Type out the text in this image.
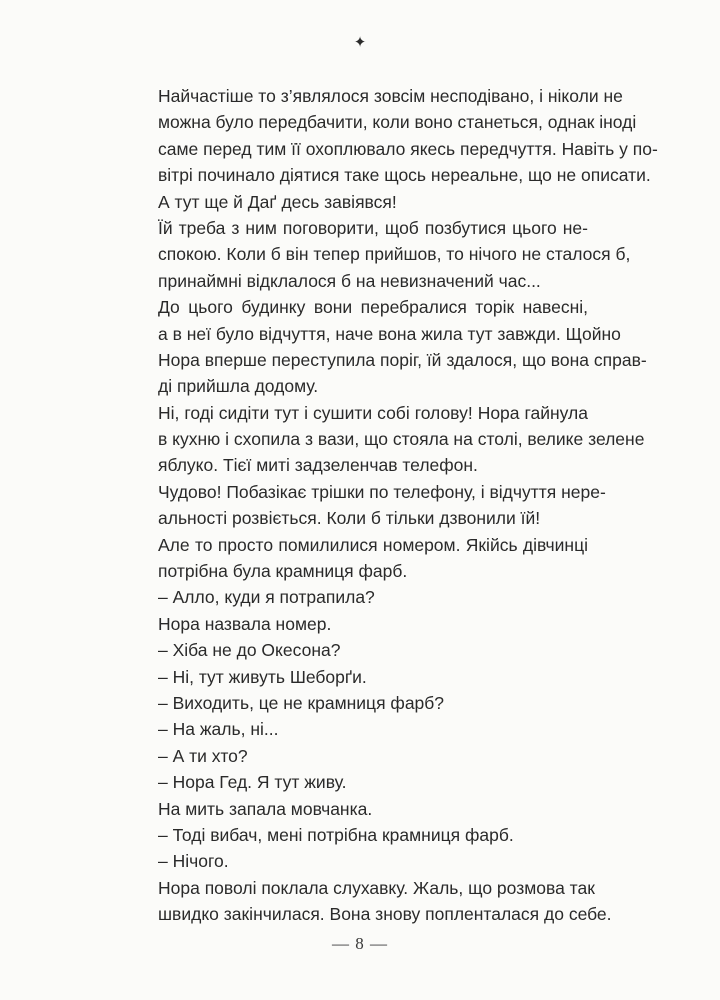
✦
Найчастіше то з’являлося зовсім несподівано, і ніколи не
можна було передбачити, коли воно станеться, однак іноді
саме перед тим її охоплювало якесь передчуття. Навіть у по-
вітрі починало діятися таке щось нереальне, що не описати.
А тут ще й Даґ десь завіявся!
Їй треба з ним поговорити, щоб позбутися цього не-
спокою. Коли б він тепер прийшов, то нічого не сталося б,
принаймні відклалося б на невизначений час...
До цього будинку вони перебралися торік навесні,
а в неї було відчуття, наче вона жила тут завжди. Щойно
Нора вперше переступила поріг, їй здалося, що вона справ-
ді прийшла додому.
Ні, годі сидіти тут і сушити собі голову! Нора гайнула
в кухню і схопила з вази, що стояла на столі, велике зелене
яблуко. Тієї миті задзеленчав телефон.
Чудово! Побазікає трішки по телефону, і відчуття нере-
альності розвіється. Коли б тільки дзвонили їй!
Але то просто помилилися номером. Якійсь дівчинці
потрібна була крамниця фарб.
– Алло, куди я потрапила?
Нора назвала номер.
– Хіба не до Окесона?
– Ні, тут живуть Шеборґи.
– Виходить, це не крамниця фарб?
– На жаль, ні...
– А ти хто?
– Нора Гед. Я тут живу.
На мить запала мовчанка.
– Тоді вибач, мені потрібна крамниця фарб.
– Нічого.
Нора поволі поклала слухавку. Жаль, що розмова так
швидко закінчилася. Вона знову попленталася до себе.
— 8 —
